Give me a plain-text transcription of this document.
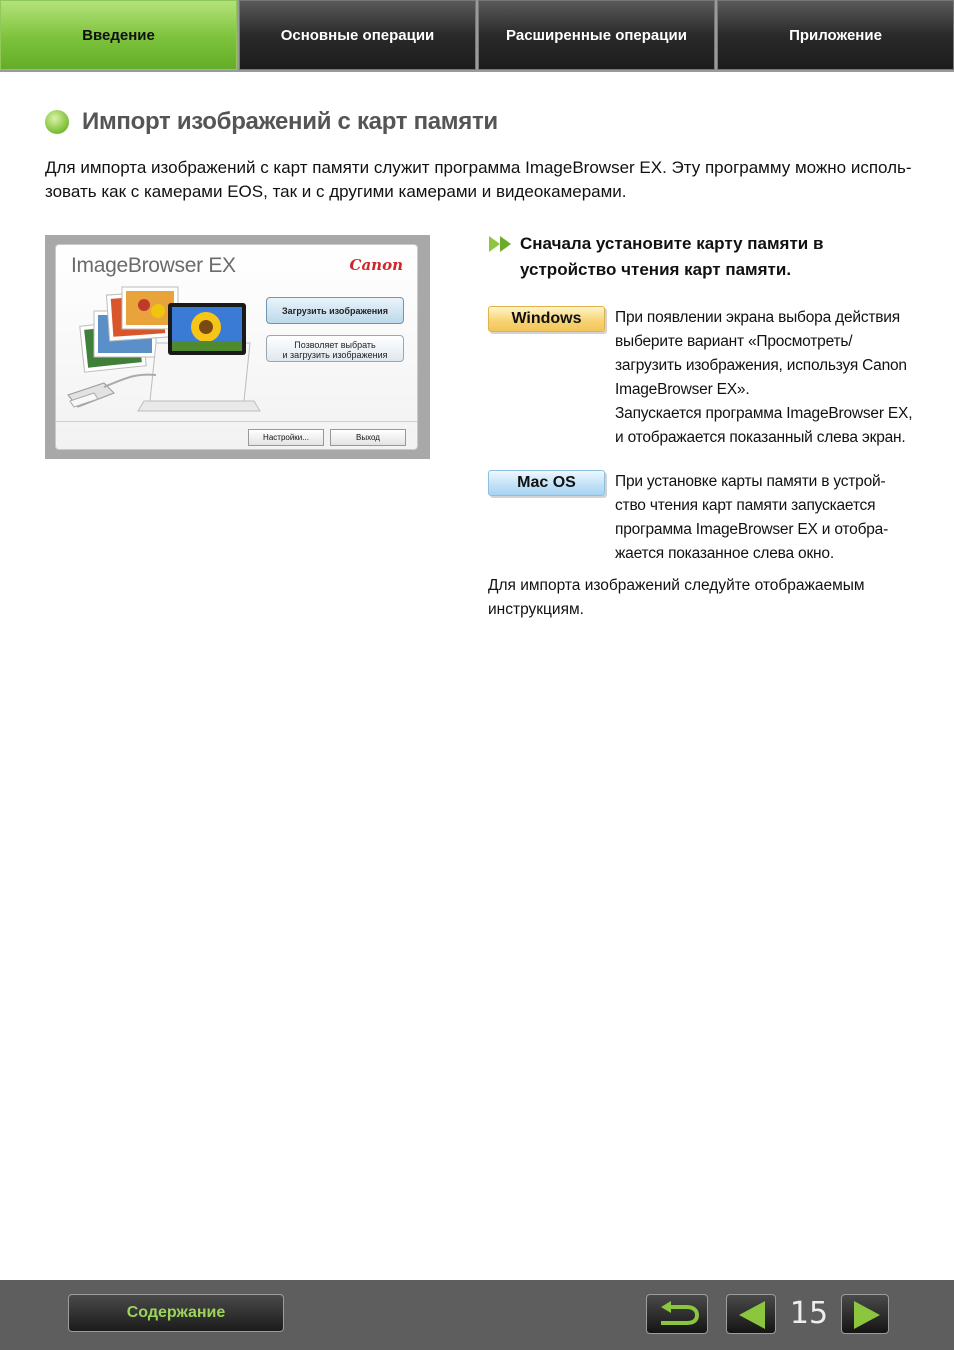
Введение	Основные операции	Расширенные операции	Приложение
Импорт изображений с карт памяти
Для импорта изображений с карт памяти служит программа ImageBrowser EX. Эту программу можно исполь-зовать как с камерами EOS, так и с другими камерами и видеокамерами.
ImageBrowser EX	Canon
Загрузить изображения
Позволяет выбрать
и загрузить изображения
Настройки...	Выход
Сначала установите карту памяти в устройство чтения карт памяти.
Windows	При появлении экрана выбора действия выберите вариант «Просмотреть/загрузить изображения, используя Canon ImageBrowser EX».
Запускается программа ImageBrowser EX, и отображается показанный слева экран.
Mac OS	При установке карты памяти в устрой-ство чтения карт памяти запускается программа ImageBrowser EX и отобра-жается показанное слева окно.
Для импорта изображений следуйте отображаемым инструкциям.
Содержание	15
